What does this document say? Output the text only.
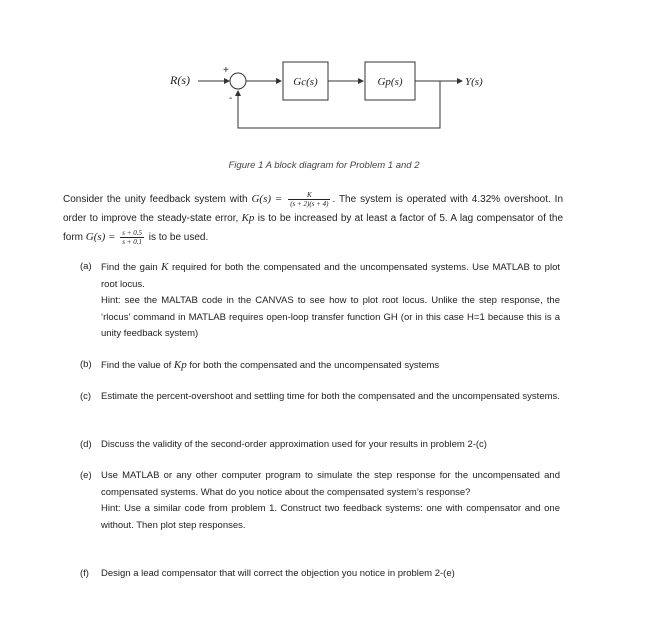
R(s)
+
-
Gc(s)	Gp(s)	Y(s)
Figure 1 A block diagram for Problem 1 and 2
Consider the unity feedback system with $G(s) = \frac{K}{(s + 2)(s + 4)}$ . The system is operated with 4.32% overshoot. In order to improve the steady-state error, Kp is to be increased by at least a factor of 5. A lag compensator of the form $G(s) = \frac{s + 0.5}{s + 0.1}$ is to be used.
(a) Find the gain K required for both the compensated and the uncompensated systems. Use MATLAB to plot root locus.
Hint: see the MALTAB code in the CANVAS to see how to plot root locus. Unlike the step response, the ‘rlocus’ command in MATLAB requires open-loop transfer function GH (or in this case H=1 because this is a unity feedback system)
(b) Find the value of Kp for both the compensated and the uncompensated systems
(c) Estimate the percent-overshoot and settling time for both the compensated and the uncompensated systems.
(d) Discuss the validity of the second-order approximation used for your results in problem 2-(c)
(e) Use MATLAB or any other computer program to simulate the step response for the uncompensated and compensated systems. What do you notice about the compensated system’s response?
Hint: Use a similar code from problem 1. Construct two feedback systems: one with compensator and one without. Then plot step responses.
(f) Design a lead compensator that will correct the objection you notice in problem 2-(e)
